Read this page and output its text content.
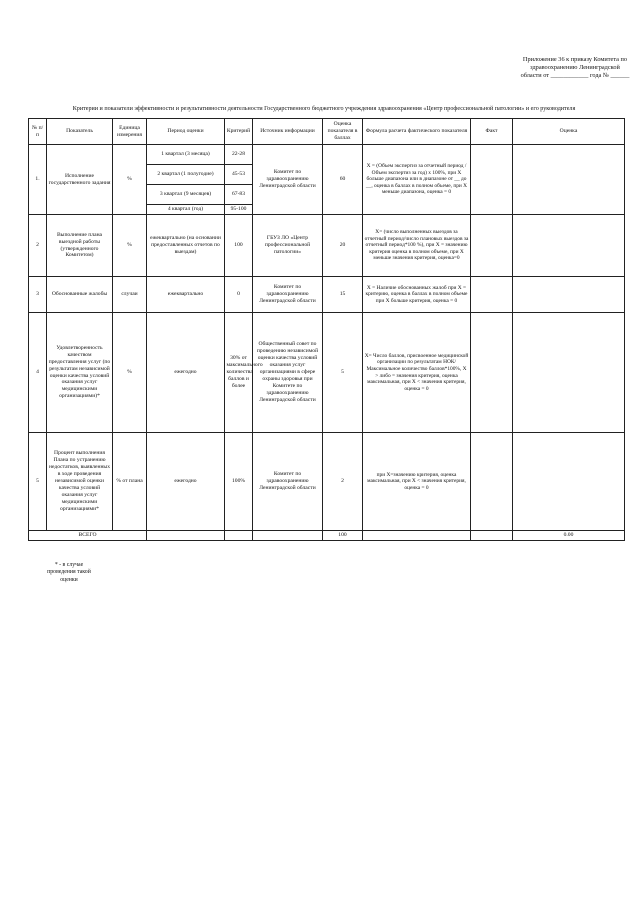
Приложение 36 к приказу Комитета по здравоохранению Ленинградской области от ____________ года № ______
Критерии и показатели эффективности и результативности деятельности Государственного бюджетного учреждения здравоохранения «Центр профессиональной патологии» и его руководителя
№ п/п	Показатель	Единица измерения	Период оценки	Критерий	Источник информации	Оценка показателя в баллах	Формула расчета фактического показателя	Факт	Оценка
1.	Исполнение государственного задания	%	1 квартал (3 месяца)	22-28	Комитет по здравоохранению Ленинградской области	60	X = (Объем экспертиз за отчетный период / Объем экспертиз за год) х 100%, при X больше диапазона или в диапазоне от __ до __, оценка в баллах в полном объеме, при X меньше диапазона, оценка = 0		
			2 квартал (1 полугодие)	45-53					
			3 квартал (9 месяцев)	67-83					
			4 квартал (год)	95-100					
2	Выполнение плана выездной работы (утвержденного Комитетом)	%	ежеквартально (на основании предоставленных отчетов по выездам)	100	ГБУЗ ЛО «Центр профессиональной патологии»	20	X= (число выполненных выездов за отчетный период/число плановых выездов за отчетный период*100 %), при X = значению критерия оценка в полном объеме, при X меньше значения критерия, оценка=0		
3	Обоснованные жалобы	случаи	ежеквартально	0	Комитет по здравоохранению Ленинградской области	15	X = Наличие обоснованных жалоб при X = критерию, оценка в баллах в полном объеме при X больше критерия, оценка = 0		
4	Удовлетворенность качеством предоставления услуг (по результатам независимой оценки качества условий оказания услуг медицинскими организациями)*	%	ежегодно	30% от максимального количества баллов и более	Общественный совет по проведению независимой оценки качества условий оказания услуг организациями в сфере охраны здоровья при Комитете по здравоохранению Ленинградской области	5	X= Число баллов, присвоенное медицинской организации по результатам НОК/Максимальное количество баллов*100%, X > либо = значения критерия, оценка максимальная, при X < значения критерия, оценка = 0		
5	Процент выполнения Плана по устранению недостатков, выявленных в ходе проведения независимой оценки качества условий оказания услуг медицинскими организациями*	% от плана	ежегодно	100%	Комитет по здравоохранению Ленинградской области	2	при X=значению критерия, оценка максимальная, при X < значения критерия, оценка = 0		
ВСЕГО						100			0.00
* - в случае проведения такой оценки
